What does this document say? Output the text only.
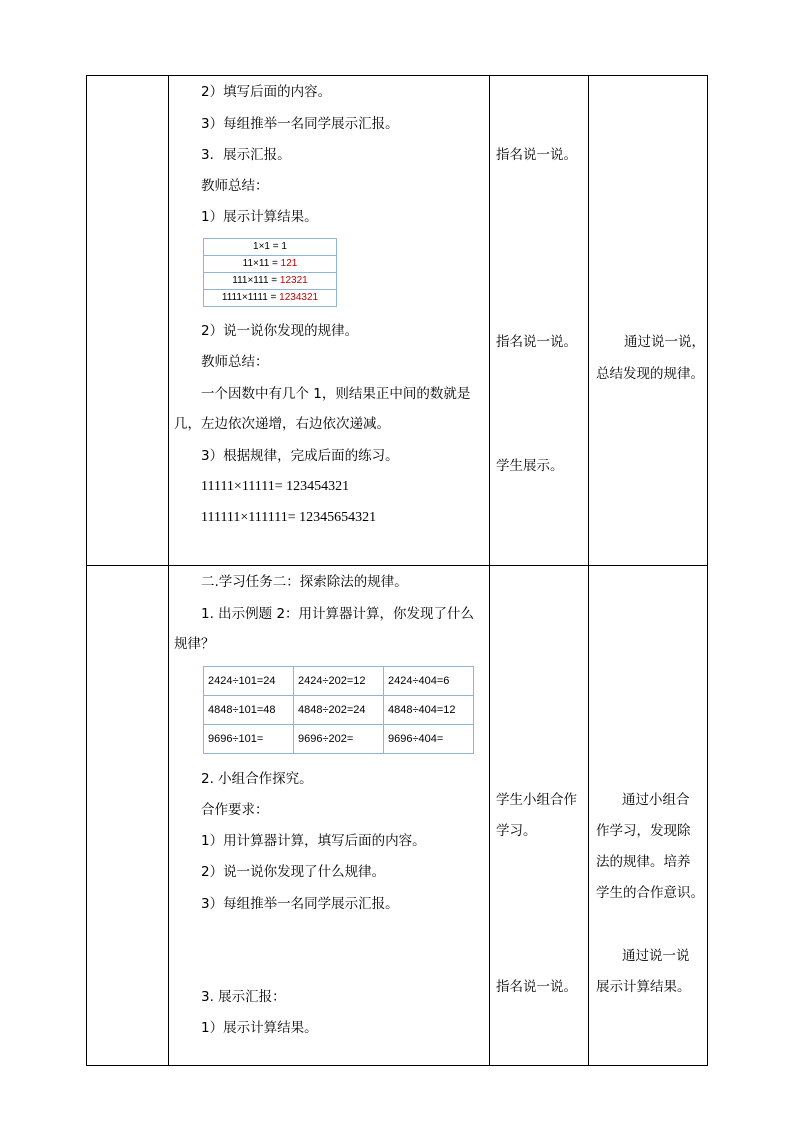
2）填写后面的内容。
3）每组推举一名同学展示汇报。
3．展示汇报。
教师总结：
1）展示计算结果。
1×1 = 1
11×11 = 121
111×111 = 12321
1111×1111 = 1234321
2）说一说你发现的规律。
教师总结：
一个因数中有几个 1，则结果正中间的数就是
几，左边依次递增，右边依次递减。
3）根据规律，完成后面的练习。
11111×11111= 123454321
111111×111111= 12345654321
指名说一说。
指名说一说。
学生展示。
通过说一说，
总结发现的规律。
二.学习任务二：探索除法的规律。
1. 出示例题 2：用计算器计算，你发现了什么
规律？
2424÷101=24	2424÷202=12	2424÷404=6
4848÷101=48	4848÷202=24	4848÷404=12
9696÷101=	9696÷202=	9696÷404=
2. 小组合作探究。
合作要求：
1）用计算器计算，填写后面的内容。
2）说一说你发现了什么规律。
3）每组推举一名同学展示汇报。
3. 展示汇报：
1）展示计算结果。
学生小组合作
学习。
指名说一说。
通过小组合
作学习，发现除
法的规律。培养
学生的合作意识。
通过说一说
展示计算结果。
